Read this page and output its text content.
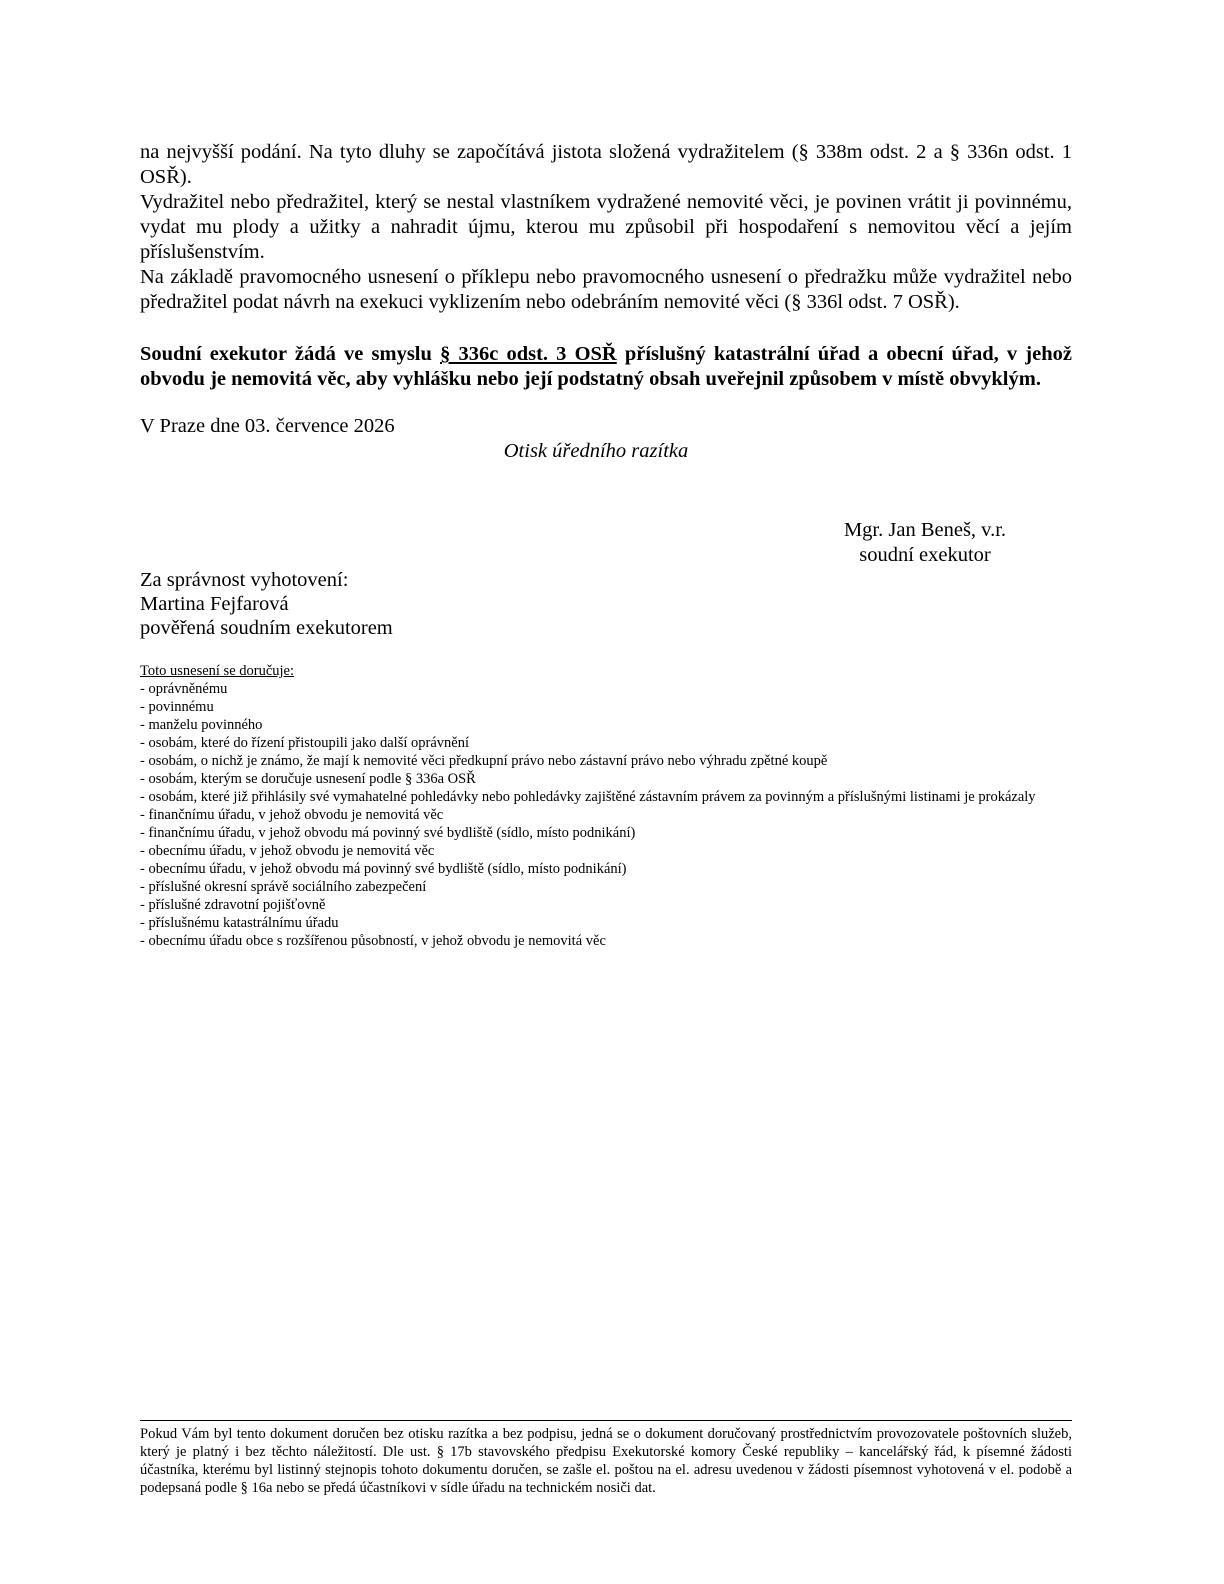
na nejvyšší podání. Na tyto dluhy se započítává jistota složená vydražitelem (§ 338m odst. 2 a § 336n odst. 1 OSŘ).

Vydražitel nebo předražitel, který se nestal vlastníkem vydražené nemovité věci, je povinen vrátit ji povinnému, vydat mu plody a užitky a nahradit újmu, kterou mu způsobil při hospodaření s nemovitou věcí a jejím příslušenstvím.

Na základě pravomocného usnesení o příklepu nebo pravomocného usnesení o předražku může vydražitel nebo předražitel podat návrh na exekuci vyklizením nebo odebráním nemovité věci (§ 336l odst. 7 OSŘ).

Soudní exekutor žádá ve smyslu § 336c odst. 3 OSŘ příslušný katastrální úřad a obecní úřad, v jehož obvodu je nemovitá věc, aby vyhlášku nebo její podstatný obsah uveřejnil způsobem v místě obvyklým.

V Praze dne 03. července 2026

Otisk úředního razítka

Mgr. Jan Beneš, v.r.
soudní exekutor
Za správnost vyhotovení:
Martina Fejfarová
pověřená soudním exekutorem
Toto usnesení se doručuje:
- oprávněnému
- povinnému
- manželu povinného
- osobám, které do řízení přistoupili jako další oprávnění
- osobám, o nichž je známo, že mají k nemovité věci předkupní právo nebo zástavní právo nebo výhradu zpětné koupě
- osobám, kterým se doručuje usnesení podle § 336a OSŘ
- osobám, které již přihlásily své vymahatelné pohledávky nebo pohledávky zajištěné zástavním právem za povinným a příslušnými listinami je prokázaly
- finančnímu úřadu, v jehož obvodu je nemovitá věc
- finančnímu úřadu, v jehož obvodu má povinný své bydliště (sídlo, místo podnikání)
- obecnímu úřadu, v jehož obvodu je nemovitá věc
- obecnímu úřadu, v jehož obvodu má povinný své bydliště (sídlo, místo podnikání)
- příslušné okresní správě sociálního zabezpečení
- příslušné zdravotní pojišťovně
- příslušnému katastrálnímu úřadu
- obecnímu úřadu obce s rozšířenou působností, v jehož obvodu je nemovitá věc
Pokud Vám byl tento dokument doručen bez otisku razítka a bez podpisu, jedná se o dokument doručovaný prostřednictvím provozovatele poštovních služeb, který je platný i bez těchto náležitostí. Dle ust. § 17b stavovského předpisu Exekutorské komory České republiky – kancelářský řád, k písemné žádosti účastníka, kterému byl listinný stejnopis tohoto dokumentu doručen, se zašle el. poštou na el. adresu uvedenou v žádosti písemnost vyhotovená v el. podobě a podepsaná podle § 16a nebo se předá účastníkovi v sídle úřadu na technickém nosiči dat.
